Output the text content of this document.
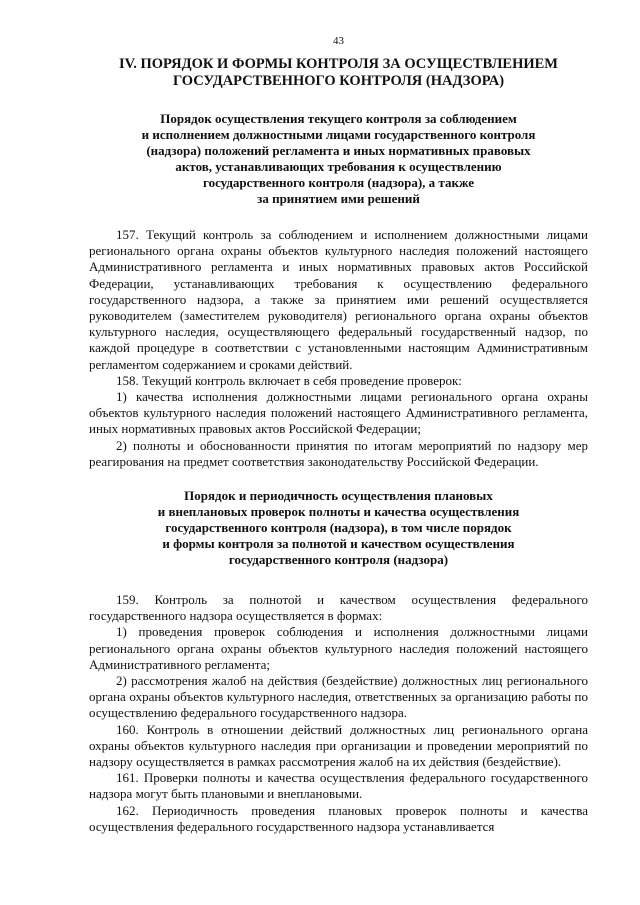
43
IV. ПОРЯДОК И ФОРМЫ КОНТРОЛЯ ЗА ОСУЩЕСТВЛЕНИЕМ
ГОСУДАРСТВЕННОГО КОНТРОЛЯ (НАДЗОРА)
Порядок осуществления текущего контроля за соблюдением
и исполнением должностными лицами государственного контроля
(надзора) положений регламента и иных нормативных правовых
актов, устанавливающих требования к осуществлению
государственного контроля (надзора), а также
за принятием ими решений

157. Текущий контроль за соблюдением и исполнением должностными лицами регионального органа охраны объектов культурного наследия положений настоящего Административного регламента и иных нормативных правовых актов Российской Федерации, устанавливающих требования к осуществлению федерального государственного надзора, а также за принятием ими решений осуществляется руководителем (заместителем руководителя) регионального органа охраны объектов культурного наследия, осуществляющего федеральный государственный надзор, по каждой процедуре в соответствии с установленными настоящим Административным регламентом содержанием и сроками действий.

158. Текущий контроль включает в себя проведение проверок:

1) качества исполнения должностными лицами регионального органа охраны объектов культурного наследия положений настоящего Административного регламента, иных нормативных правовых актов Российской Федерации;

2) полноты и обоснованности принятия по итогам мероприятий по надзору мер реагирования на предмет соответствия законодательству Российской Федерации.

Порядок и периодичность осуществления плановых
и внеплановых проверок полноты и качества осуществления
государственного контроля (надзора), в том числе порядок
и формы контроля за полнотой и качеством осуществления
государственного контроля (надзора)

159. Контроль за полнотой и качеством осуществления федерального государственного надзора осуществляется в формах:

1) проведения проверок соблюдения и исполнения должностными лицами регионального органа охраны объектов культурного наследия положений настоящего Административного регламента;

2) рассмотрения жалоб на действия (бездействие) должностных лиц регионального органа охраны объектов культурного наследия, ответственных за организацию работы по осуществлению федерального государственного надзора.

160. Контроль в отношении действий должностных лиц регионального органа охраны объектов культурного наследия при организации и проведении мероприятий по надзору осуществляется в рамках рассмотрения жалоб на их действия (бездействие).

161. Проверки полноты и качества осуществления федерального государственного надзора могут быть плановыми и внеплановыми.

162. Периодичность проведения плановых проверок полноты и качества осуществления федерального государственного надзора устанавливается
